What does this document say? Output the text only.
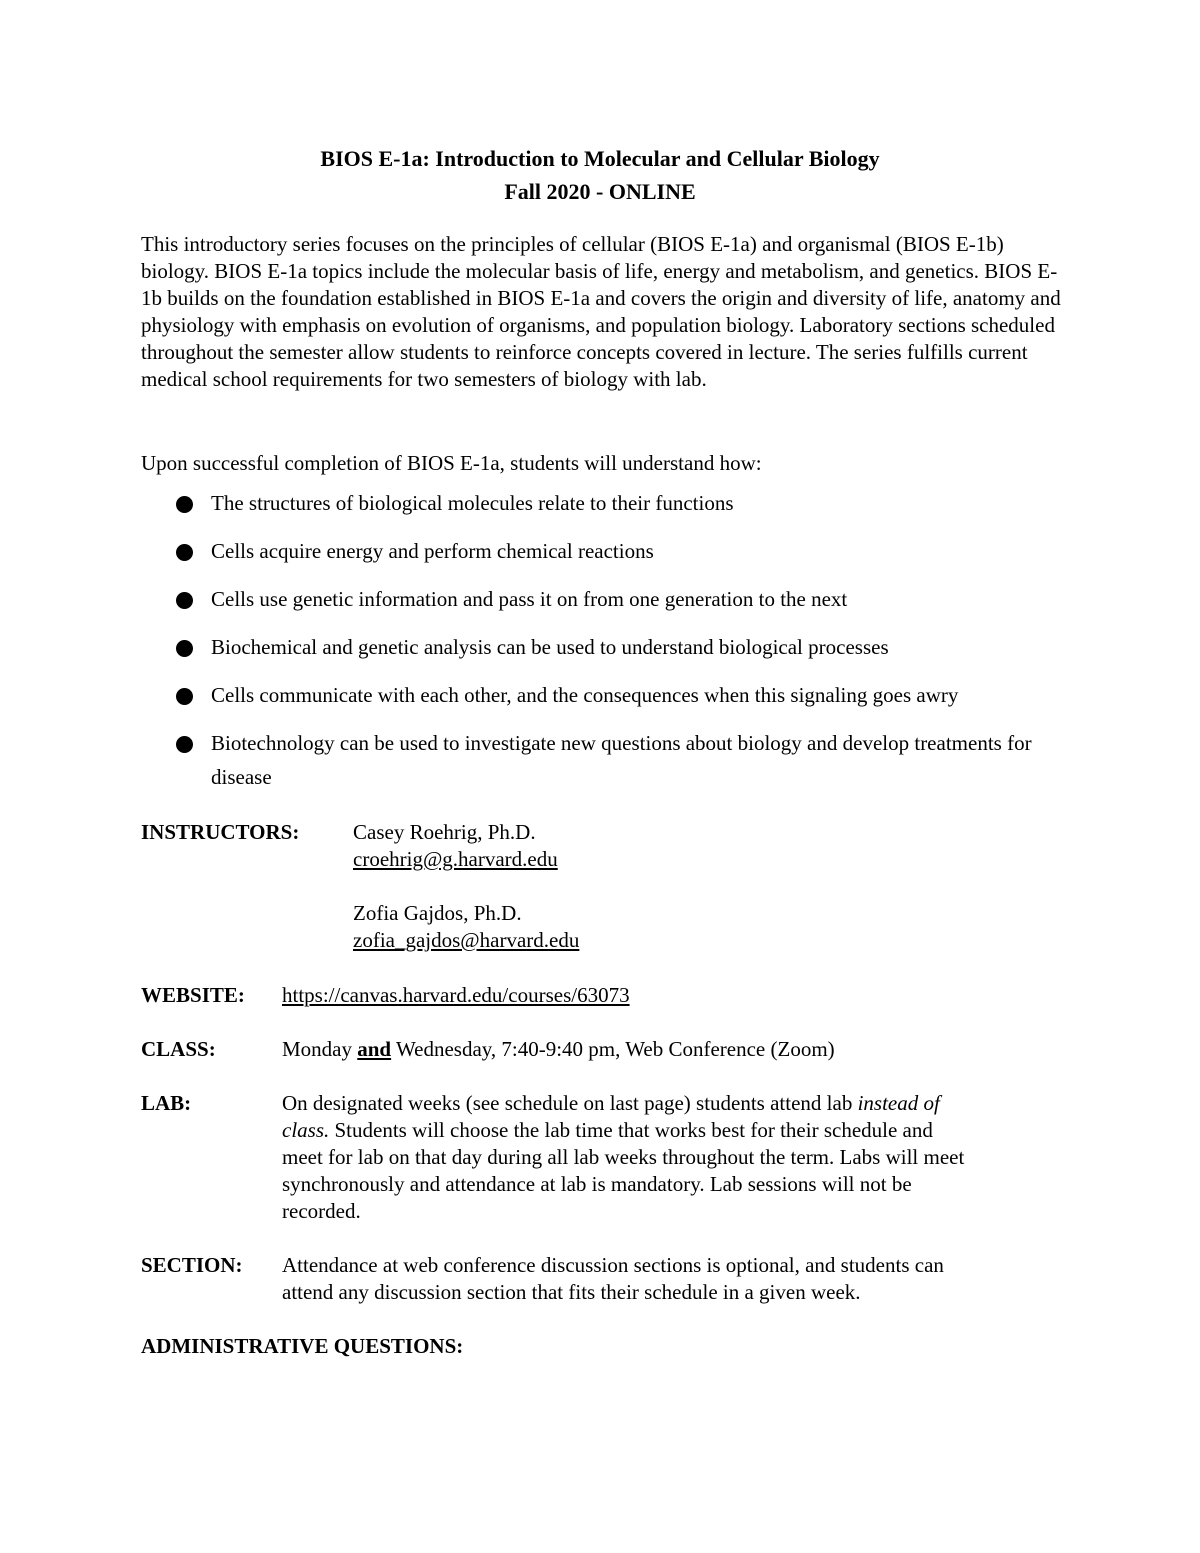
BIOS E-1a: Introduction to Molecular and Cellular Biology
Fall 2020 - ONLINE

This introductory series focuses on the principles of cellular (BIOS E-1a) and organismal (BIOS E-1b) biology. BIOS E-1a topics include the molecular basis of life, energy and metabolism, and genetics. BIOS E-1b builds on the foundation established in BIOS E-1a and covers the origin and diversity of life, anatomy and physiology with emphasis on evolution of organisms, and population biology. Laboratory sections scheduled throughout the semester allow students to reinforce concepts covered in lecture. The series fulfills current medical school requirements for two semesters of biology with lab.

Upon successful completion of BIOS E-1a, students will understand how:

The structures of biological molecules relate to their functions
Cells acquire energy and perform chemical reactions
Cells use genetic information and pass it on from one generation to the next
Biochemical and genetic analysis can be used to understand biological processes
Cells communicate with each other, and the consequences when this signaling goes awry
Biotechnology can be used to investigate new questions about biology and develop treatments for disease
INSTRUCTORS:	Casey Roehrig, Ph.D.
croehrig@g.harvard.edu
Zofia Gajdos, Ph.D.
zofia_gajdos@harvard.edu
WEBSITE: https://canvas.harvard.edu/courses/63073
CLASS:	Monday and Wednesday, 7:40-9:40 pm, Web Conference (Zoom)
LAB:	On designated weeks (see schedule on last page) students attend lab instead of
class. Students will choose the lab time that works best for their schedule and
meet for lab on that day during all lab weeks throughout the term. Labs will meet
synchronously and attendance at lab is mandatory. Lab sessions will not be
recorded.
SECTION: Attendance at web conference discussion sections is optional, and students can
attend any discussion section that fits their schedule in a given week.
ADMINISTRATIVE QUESTIONS:
